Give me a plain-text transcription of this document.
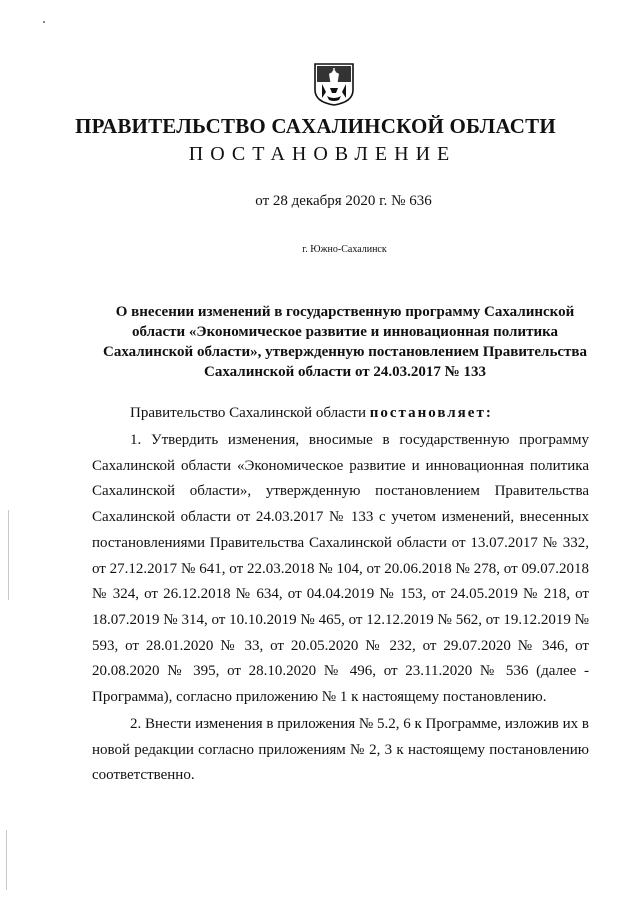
ПРАВИТЕЛЬСТВО САХАЛИНСКОЙ ОБЛАСТИ
ПОСТАНОВЛЕНИЕ
от 28 декабря 2020 г. № 636
г. Южно-Сахалинск
О внесении изменений в государственную программу Сахалинской области «Экономическое развитие и инновационная политика Сахалинской области», утвержденную постановлением Правительства Сахалинской области от 24.03.2017 № 133
Правительство Сахалинской области постановляет:
1. Утвердить изменения, вносимые в государственную программу Сахалинской области «Экономическое развитие и инновационная политика Сахалинской области», утвержденную постановлением Правительства Сахалинской области от 24.03.2017 № 133 с учетом изменений, внесенных постановлениями Правительства Сахалинской области от 13.07.2017 № 332, от 27.12.2017 № 641, от 22.03.2018 № 104, от 20.06.2018 № 278, от 09.07.2018 № 324, от 26.12.2018 № 634, от 04.04.2019 № 153, от 24.05.2019 № 218, от 18.07.2019 № 314, от 10.10.2019 № 465, от 12.12.2019 № 562, от 19.12.2019 № 593, от 28.01.2020 № 33, от 20.05.2020 № 232, от 29.07.2020 № 346, от 20.08.2020 № 395, от 28.10.2020 № 496, от 23.11.2020 № 536 (далее - Программа), согласно приложению № 1 к настоящему постановлению.
2. Внести изменения в приложения № 5.2, 6 к Программе, изложив их в новой редакции согласно приложениям № 2, 3 к настоящему постановлению соответственно.
